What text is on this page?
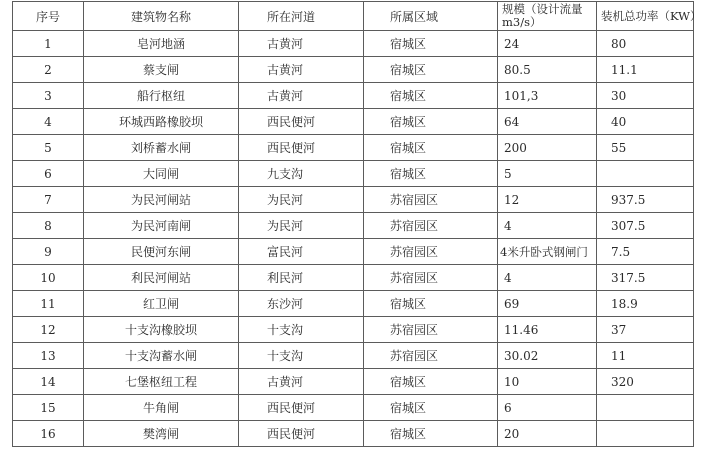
序号	建筑物名称	所在河道	所属区域	规模（设计流量m3/s）	装机总功率（KW）
1	皂河地涵	古黄河	宿城区	24	80
2	蔡支闸	古黄河	宿城区	80.5	11.1
3	船行枢纽	古黄河	宿城区	101,3	30
4	环城西路橡胶坝	西民便河	宿城区	64	40
5	刘桥蓄水闸	西民便河	宿城区	200	55
6	大同闸	九支沟	宿城区	5	
7	为民河闸站	为民河	苏宿园区	12	937.5
8	为民河南闸	为民河	苏宿园区	4	307.5
9	民便河东闸	富民河	苏宿园区	4米升卧式钢闸门	7.5
10	利民河闸站	利民河	苏宿园区	4	317.5
11	红卫闸	东沙河	宿城区	69	18.9
12	十支沟橡胶坝	十支沟	苏宿园区	11.46	37
13	十支沟蓄水闸	十支沟	苏宿园区	30.02	11
14	七堡枢纽工程	古黄河	宿城区	10	320
15	牛角闸	西民便河	宿城区	6	
16	樊湾闸	西民便河	宿城区	20	
